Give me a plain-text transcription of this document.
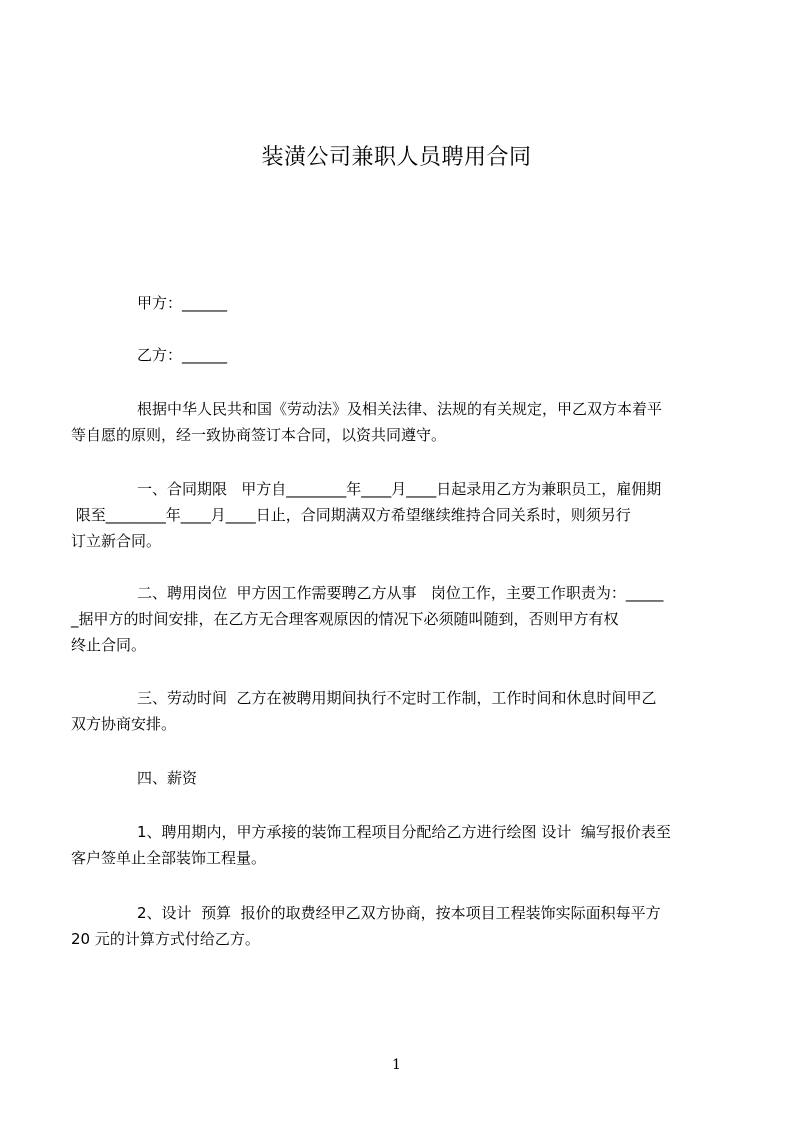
装潢公司兼职人员聘用合同

甲方：______

乙方：______

根据中华人民共和国《劳动法》及相关法律、法规的有关规定，甲乙双方本着平
等自愿的原则，经一致协商签订本合同，以资共同遵守。

一、合同期限   甲方自________年____月____日起录用乙方为兼职员工，雇佣期
限至________年____月____日止，合同期满双方希望继续维持合同关系时，则须另行
订立新合同。

二、聘用岗位  甲方因工作需要聘乙方从事   岗位工作，主要工作职责为：_____
_据甲方的时间安排，在乙方无合理客观原因的情况下必须随叫随到，否则甲方有权
终止合同。

三、劳动时间  乙方在被聘用期间执行不定时工作制，工作时间和休息时间甲乙
双方协商安排。

四、薪资

1、聘用期内，甲方承接的装饰工程项目分配给乙方进行绘图 设计  编写报价表至
客户签单止全部装饰工程量。

2、设计  预算  报价的取费经甲乙双方协商，按本项目工程装饰实际面积每平方
20 元的计算方式付给乙方。

1
